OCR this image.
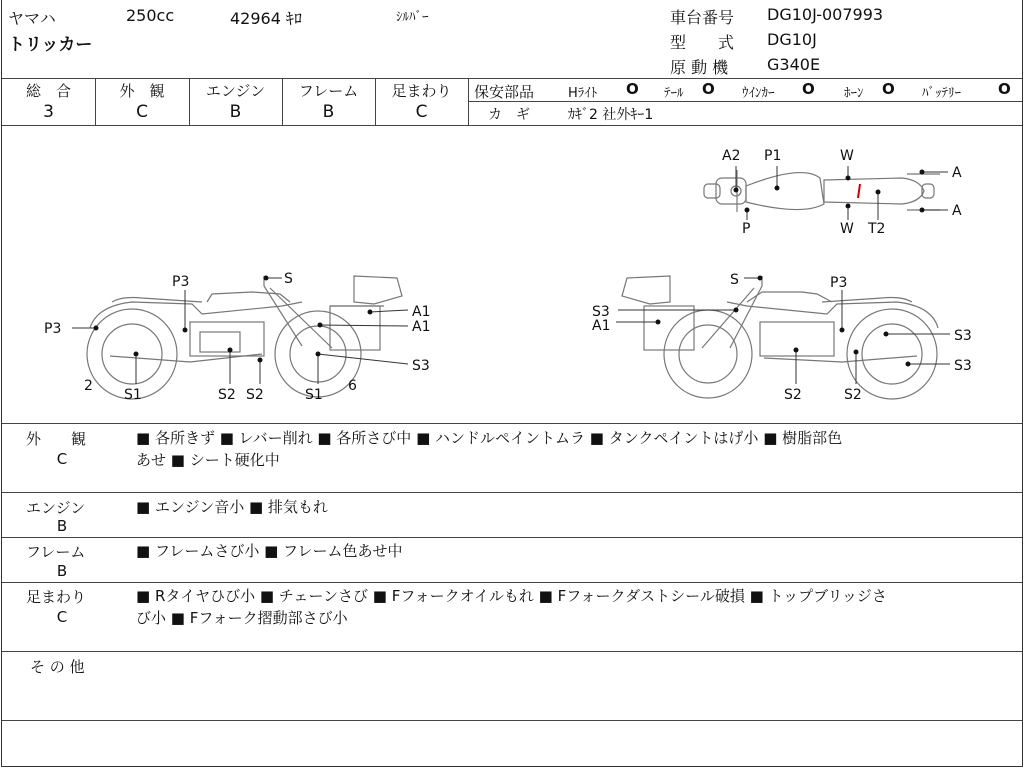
ヤマハ
トリッカー
250cc	42964 ｷﾛ	ｼﾙﾊﾞｰ	車台番号 DG10J-007993
型　　式 DG10J
原 動 機 G340E
総　合
3
外　観
C
エンジン
B
フレーム
B
足まわり
C
保安部品	Hﾗｲﾄ O ﾃｰﾙ O ｳｲﾝｶｰ O ﾎｰﾝ O ﾊﾞｯﾃﾘｰ O
カ　ギ	ｶｷﾞ2 社外ｷｰ1
A2 P1	W
A
A
P	W T2
P3	S
A1
A1
P3
S3
2
S1	S2 S2	S1
6
S	P3
S3
A1
S3
S3
S2	S2
外　　観
C
■ 各所きず ■ レバー削れ ■ 各所さび中 ■ ハンドルペイントムラ ■ タンクペイントはげ小 ■ 樹脂部色
あせ ■ シート硬化中
エンジン
B
■ エンジン音小 ■ 排気もれ
フレーム
B
■ フレームさび小 ■ フレーム色あせ中
足まわり
C
■ Rタイヤひび小 ■ チェーンさび ■ Fフォークオイルもれ ■ Fフォークダストシール破損 ■ トップブリッジさ
び小 ■ Fフォーク摺動部さび小
そ の 他
